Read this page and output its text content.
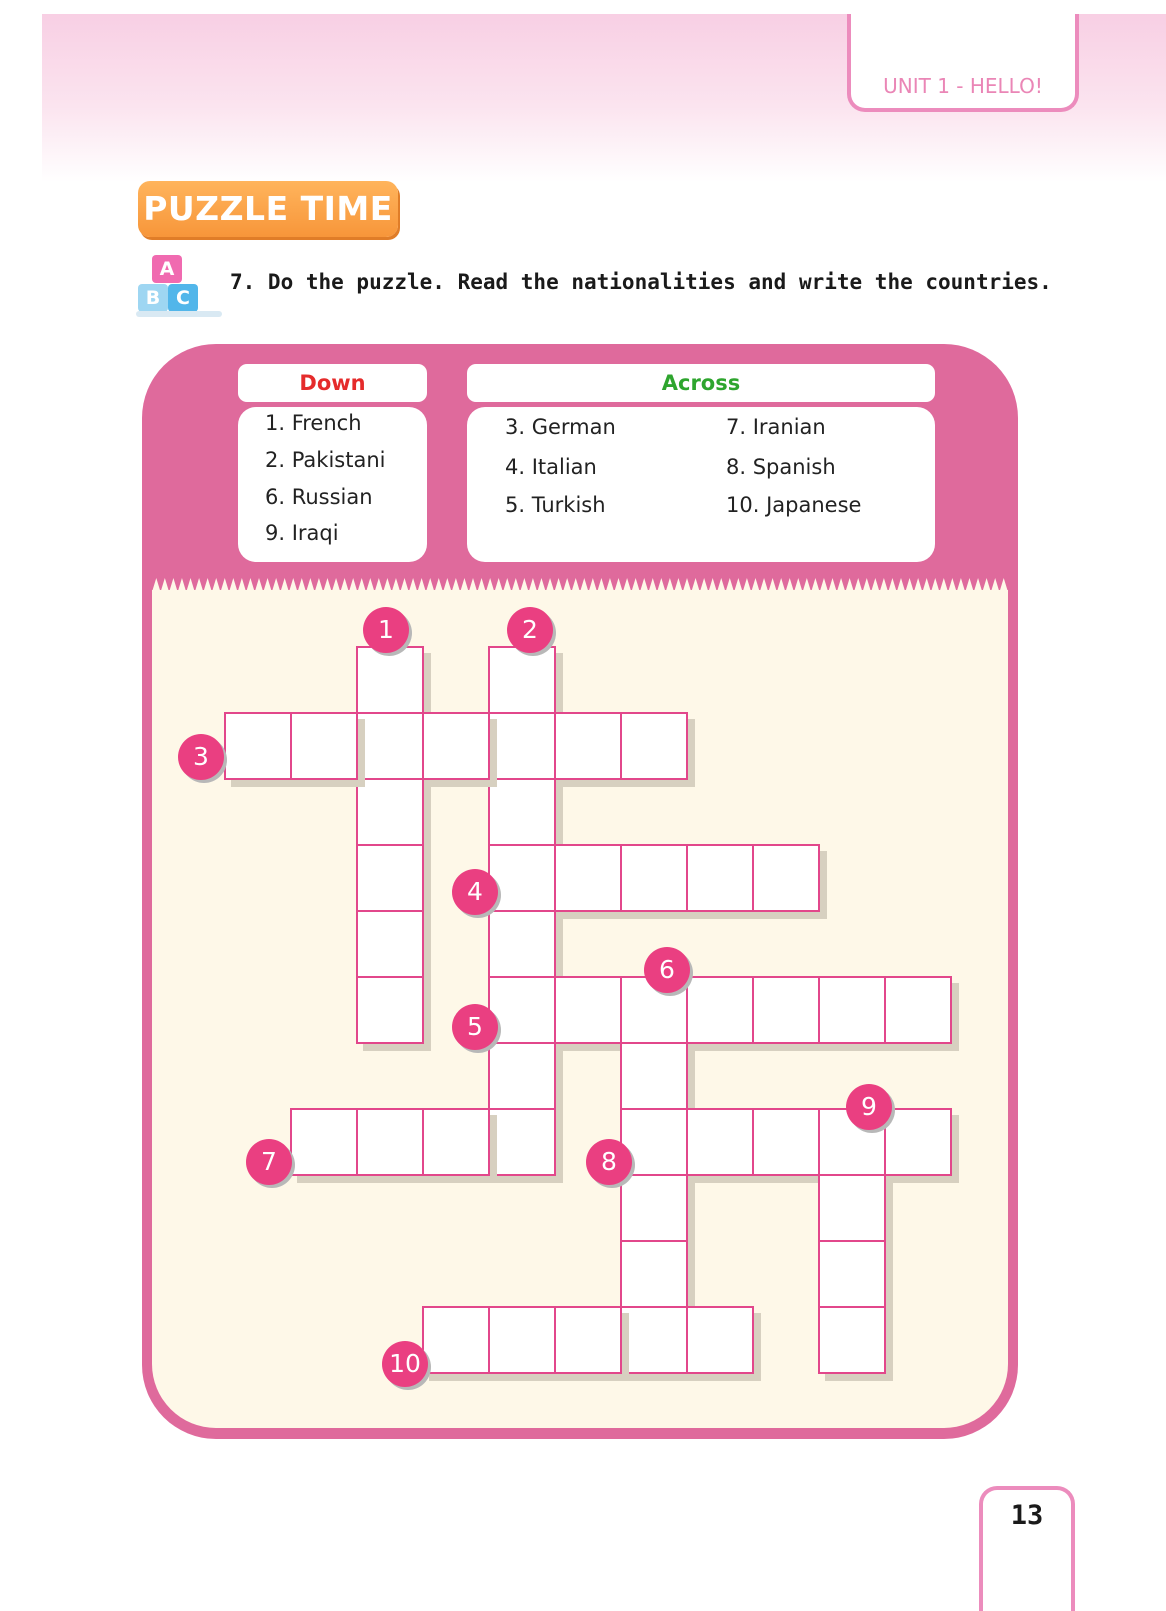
UNIT 1 - HELLO!
PUZZLE TIME
A
B C
7. Do the puzzle. Read the nationalities and write the countries.
Down	Across
1. French
2. Pakistani
6. Russian
9. Iraqi
3. German
4. Italian
5. Turkish
7. Iranian
8. Spanish
10. Japanese
1	2
3
4
5
6
7	8
9
10
13
